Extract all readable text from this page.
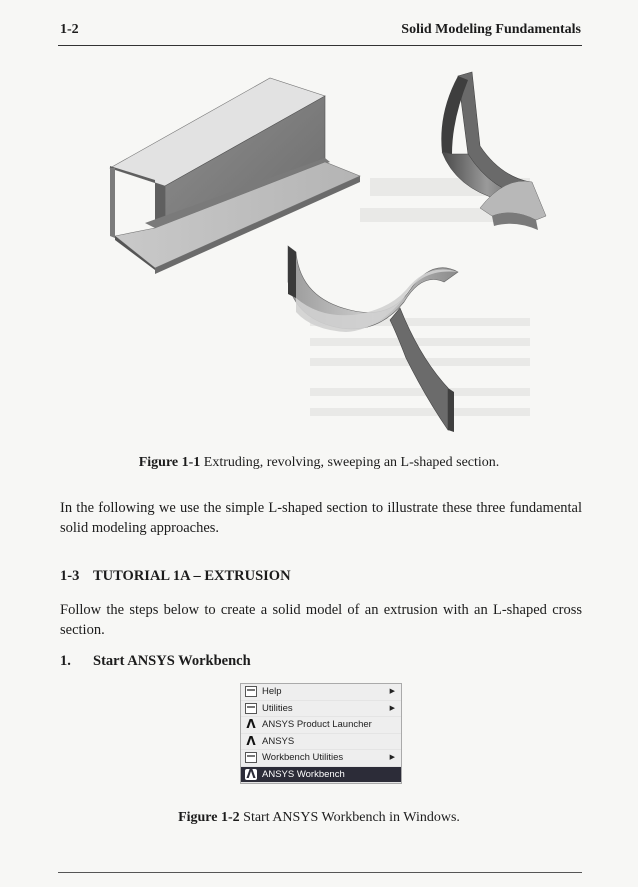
1-2	Solid Modeling Fundamentals
Figure 1-1 Extruding, revolving, sweeping an L-shaped section.
In the following we use the simple L-shaped section to illustrate these three fundamental solid modeling approaches.
1-3 TUTORIAL 1A – EXTRUSION
Follow the steps below to create a solid model of an extrusion with an L-shaped cross section.
1. Start ANSYS Workbench
Help	▶
Utilities	▶
Λ ANSYS Product Launcher
Λ ANSYS
Workbench Utilities	▶
Λ ANSYS Workbench
Figure 1-2 Start ANSYS Workbench in Windows.
